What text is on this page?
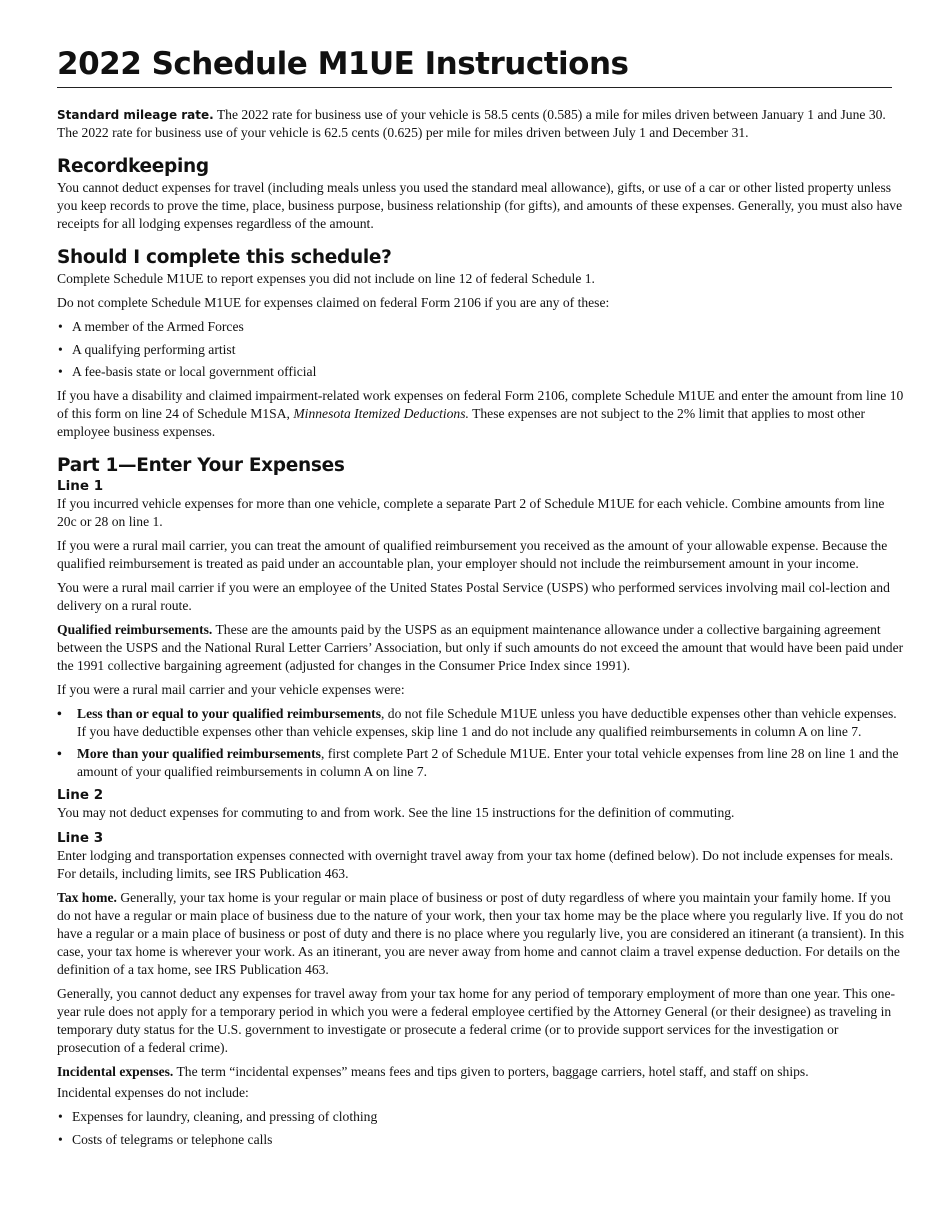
2022 Schedule M1UE Instructions

Standard mileage rate. The 2022 rate for business use of your vehicle is 58.5 cents (0.585) a mile for miles driven between January 1 and June 30. The 2022 rate for business use of your vehicle is 62.5 cents (0.625) per mile for miles driven between July 1 and December 31.

Recordkeeping

You cannot deduct expenses for travel (including meals unless you used the standard meal allowance), gifts, or use of a car or other listed property unless you keep records to prove the time, place, business purpose, business relationship (for gifts), and amounts of these expenses. Generally, you must also have receipts for all lodging expenses regardless of the amount.

Should I complete this schedule?

Complete Schedule M1UE to report expenses you did not include on line 12 of federal Schedule 1.

Do not complete Schedule M1UE for expenses claimed on federal Form 2106 if you are any of these:

• A member of the Armed Forces
• A qualifying performing artist
• A fee-basis state or local government official

If you have a disability and claimed impairment-related work expenses on federal Form 2106, complete Schedule M1UE and enter the amount from line 10 of this form on line 24 of Schedule M1SA, Minnesota Itemized Deductions. These expenses are not subject to the 2% limit that applies to most other employee business expenses.

Part 1—Enter Your Expenses
Line 1

If you incurred vehicle expenses for more than one vehicle, complete a separate Part 2 of Schedule M1UE for each vehicle. Combine amounts from line 20c or 28 on line 1.

If you were a rural mail carrier, you can treat the amount of qualified reimbursement you received as the amount of your allowable expense. Because the qualified reimbursement is treated as paid under an accountable plan, your employer should not include the reimbursement amount in your income.

You were a rural mail carrier if you were an employee of the United States Postal Service (USPS) who performed services involving mail col-lection and delivery on a rural route.

Qualified reimbursements. These are the amounts paid by the USPS as an equipment maintenance allowance under a collective bargaining agreement between the USPS and the National Rural Letter Carriers’ Association, but only if such amounts do not exceed the amount that would have been paid under the 1991 collective bargaining agreement (adjusted for changes in the Consumer Price Index since 1991).

If you were a rural mail carrier and your vehicle expenses were:

• Less than or equal to your qualified reimbursements, do not file Schedule M1UE unless you have deductible expenses other than vehicle expenses. If you have deductible expenses other than vehicle expenses, skip line 1 and do not include any qualified reimbursements in column A on line 7.
• More than your qualified reimbursements, first complete Part 2 of Schedule M1UE. Enter your total vehicle expenses from line 28 on line 1 and the amount of your qualified reimbursements in column A on line 7.
Line 2

You may not deduct expenses for commuting to and from work. See the line 15 instructions for the definition of commuting.

Line 3

Enter lodging and transportation expenses connected with overnight travel away from your tax home (defined below). Do not include expenses for meals. For details, including limits, see IRS Publication 463.

Tax home. Generally, your tax home is your regular or main place of business or post of duty regardless of where you maintain your family home. If you do not have a regular or main place of business due to the nature of your work, then your tax home may be the place where you regularly live. If you do not have a regular or a main place of business or post of duty and there is no place where you regularly live, you are considered an itinerant (a transient). In this case, your tax home is wherever your work. As an itinerant, you are never away from home and cannot claim a travel expense deduction. For details on the definition of a tax home, see IRS Publication 463.

Generally, you cannot deduct any expenses for travel away from your tax home for any period of temporary employment of more than one year. This one-year rule does not apply for a temporary period in which you were a federal employee certified by the Attorney General (or their designee) as traveling in temporary duty status for the U.S. government to investigate or prosecute a federal crime (or to provide support services for the investigation or prosecution of a federal crime).

Incidental expenses. The term “incidental expenses” means fees and tips given to porters, baggage carriers, hotel staff, and staff on ships.

Incidental expenses do not include:

• Expenses for laundry, cleaning, and pressing of clothing
• Costs of telegrams or telephone calls
